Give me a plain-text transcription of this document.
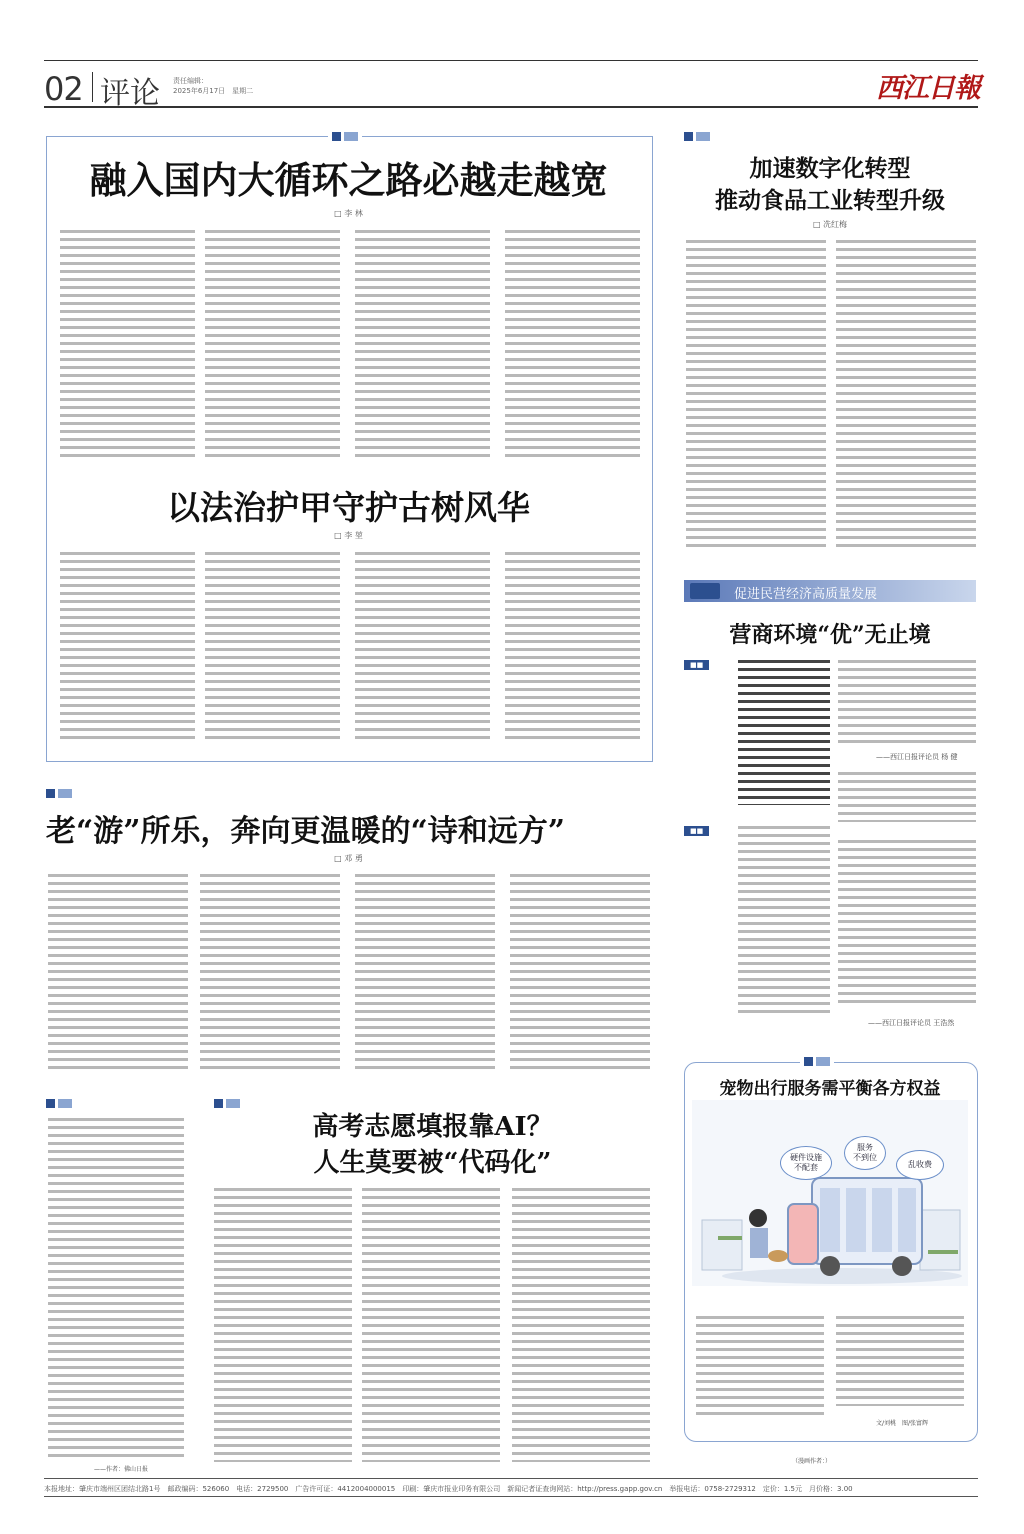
02 评论 责任编辑：
2025年6月17日　星期二	西江日報
融入国内大循环之路必越走越宽
□ 李 林
以法治护甲守护古树风华
□ 李 堃
加速数字化转型
推动食品工业转型升级
□ 冼红梅
促进民营经济高质量发展
营商环境“优”无止境
■■
——西江日报评论员 杨 健
■■
——西江日报评论员 王浩然
老“游”所乐，奔向更温暖的“诗和远方”
□ 邓 勇
——作者：佛山日报
高考志愿填报靠AI？
人生莫要被“代码化”
宠物出行服务需平衡各方权益
硬件设施
不配套
服务
不到位
乱收费
文/刘桃　图/张富辉
（漫画作者：）
本报地址：肇庆市端州区团结北路1号　邮政编码：526060　电话：2729500　广告许可证：4412004000015　印刷：肇庆市报业印务有限公司　新闻记者证查询网站：http://press.gapp.gov.cn　举报电话：0758-2729312　定价：1.5元　月价格：3.00
